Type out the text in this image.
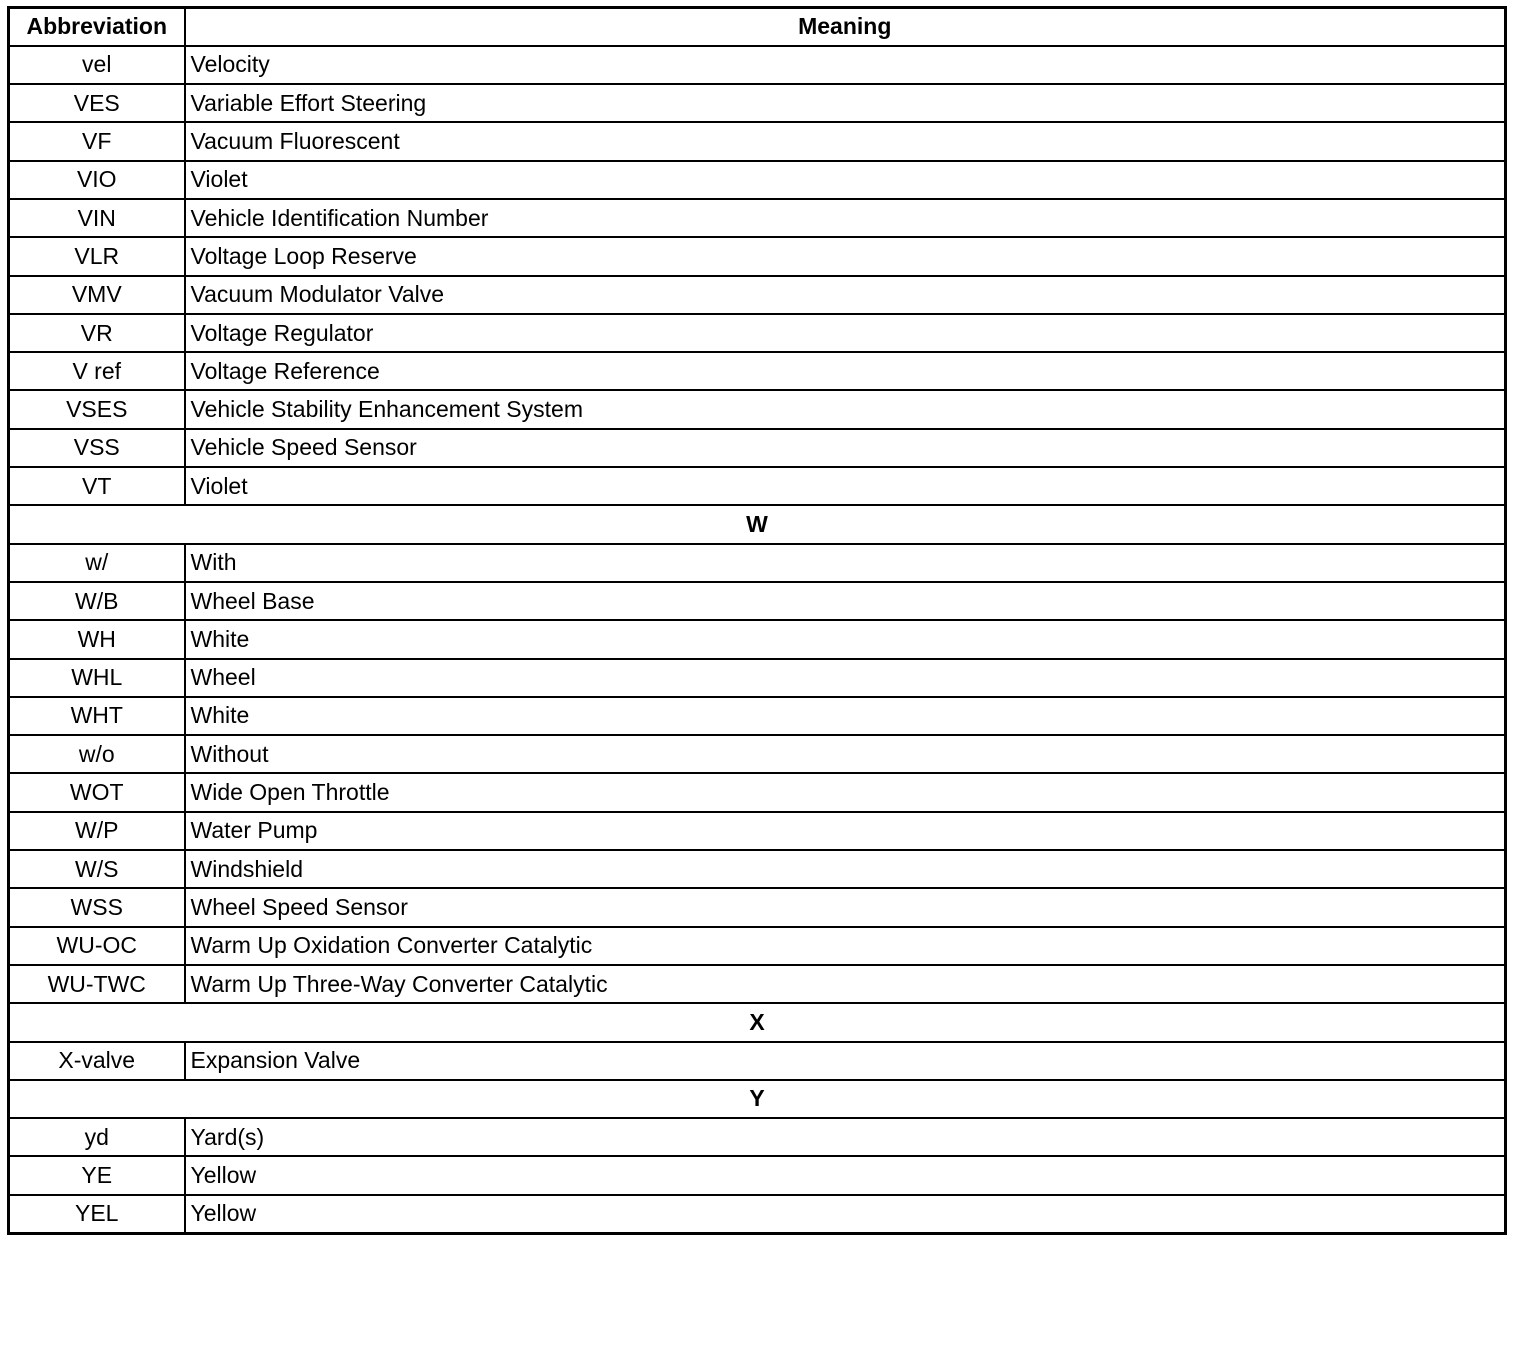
Abbreviation	Meaning
vel	Velocity
VES	Variable Effort Steering
VF	Vacuum Fluorescent
VIO	Violet
VIN	Vehicle Identification Number
VLR	Voltage Loop Reserve
VMV	Vacuum Modulator Valve
VR	Voltage Regulator
V ref	Voltage Reference
VSES	Vehicle Stability Enhancement System
VSS	Vehicle Speed Sensor
VT	Violet
W	
w/	With
W/B	Wheel Base
WH	White
WHL	Wheel
WHT	White
w/o	Without
WOT	Wide Open Throttle
W/P	Water Pump
W/S	Windshield
WSS	Wheel Speed Sensor
WU-OC	Warm Up Oxidation Converter Catalytic
WU-TWC	Warm Up Three-Way Converter Catalytic
X	
X-valve	Expansion Valve
Y	
yd	Yard(s)
YE	Yellow
YEL	Yellow
